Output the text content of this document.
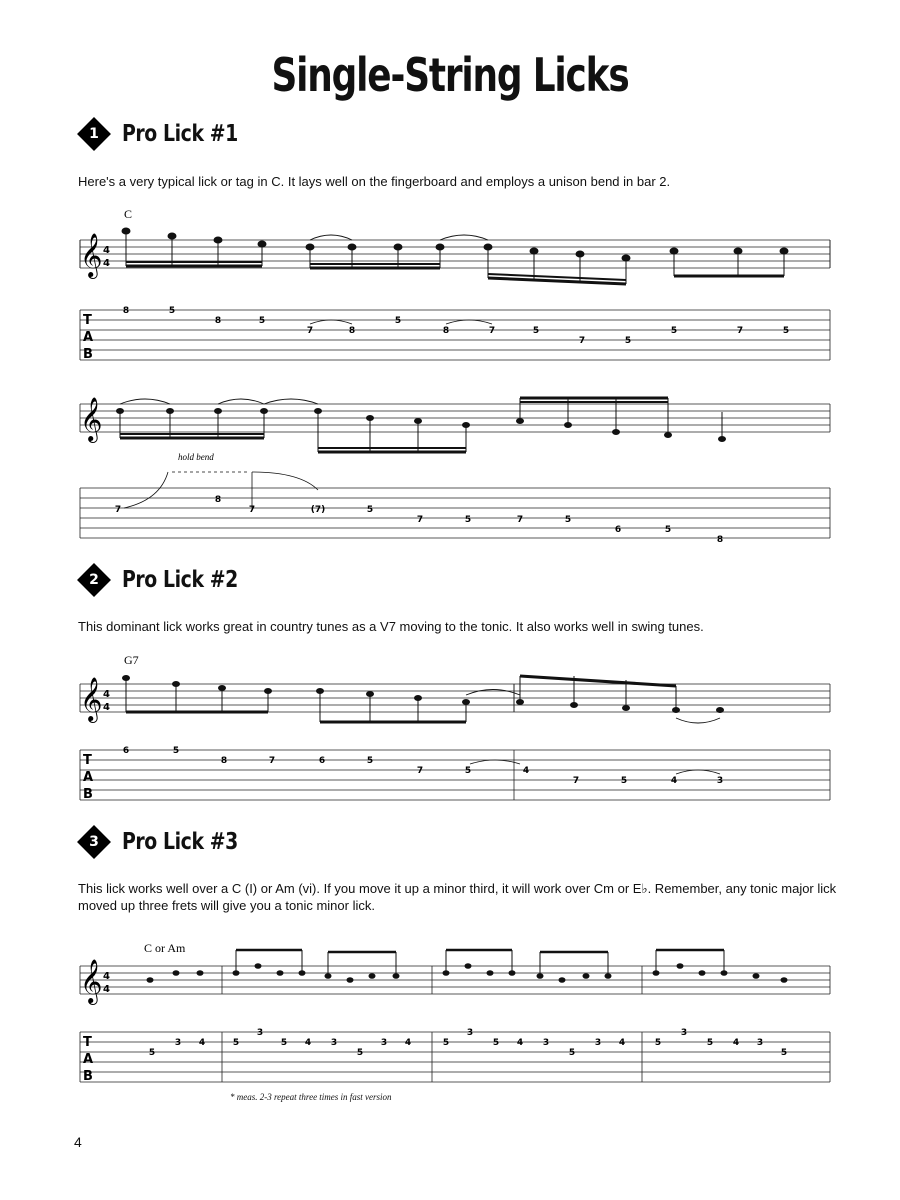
Single-String Licks
1	Pro Lick #1
Here's a very typical lick or tag in C. It lays well on the fingerboard and employs a unison bend in bar 2.
2	Pro Lick #2
This dominant lick works great in country tunes as a V7 moving to the tonic. It also works well in swing tunes.
3	Pro Lick #3
This lick works well over a C (I) or Am (vi). If you move it up a minor third, it will work over Cm or E♭. Remember, any tonic major lick moved up three frets will give you a tonic minor lick.
C
𝄞 4
4
T
A
B
8	5
8	5
7	8
5
8	7	5
7	5
5	7	5
𝄞
hold bend
7
8
7	(7)	5
7	5	7	5
6	5
8
G7
𝄞 4
4
T
A
B
6	5
8	7	6	5
7	5	4
7	5	4	3
C or Am
𝄞 4
4
T
A
B
5
3 4	5
3
5 4 3
5
3 4	5
3
5 4 3
5
3 4	5
3
5 4 3
5
* meas. 2-3 repeat three times in fast version
4
